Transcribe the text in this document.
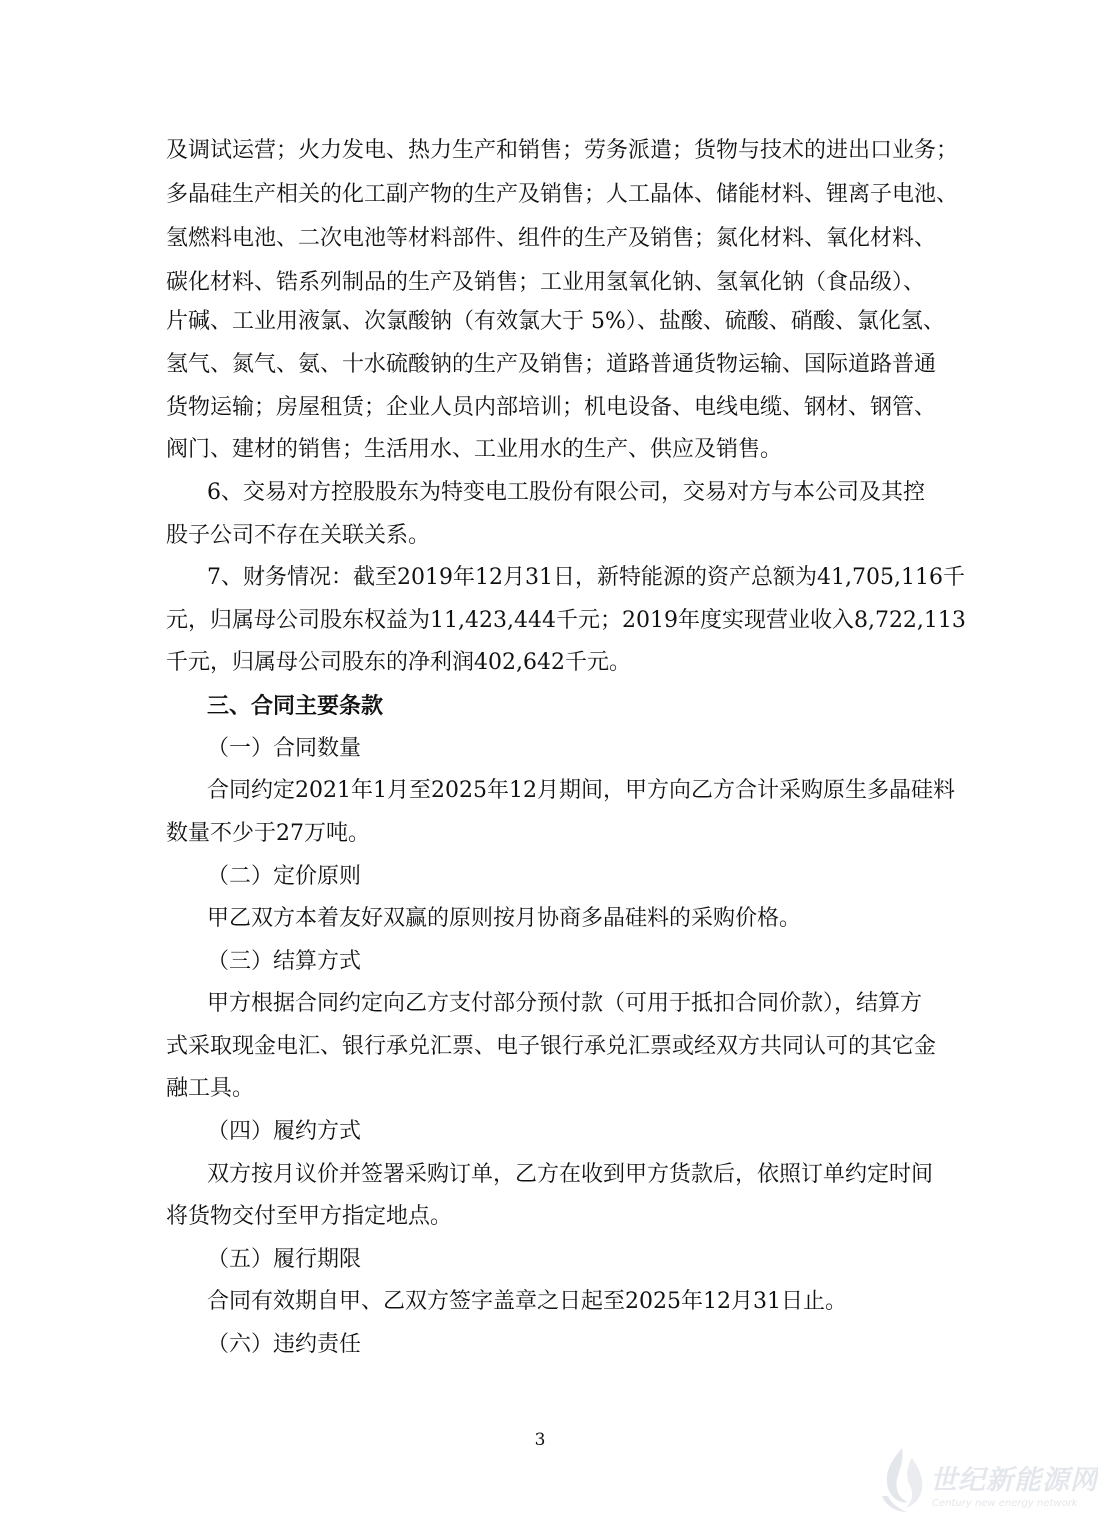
及调试运营；火力发电、热力生产和销售；劳务派遣；货物与技术的进出口业务；
多晶硅生产相关的化工副产物的生产及销售；人工晶体、储能材料、锂离子电池、
氢燃料电池、二次电池等材料部件、组件的生产及销售；氮化材料、氧化材料、
碳化材料、锆系列制品的生产及销售；工业用氢氧化钠、氢氧化钠（食品级）、
片碱、工业用液氯、次氯酸钠（有效氯大于 5%）、盐酸、硫酸、硝酸、氯化氢、
氢气、氮气、氨、十水硫酸钠的生产及销售；道路普通货物运输、国际道路普通
货物运输；房屋租赁；企业人员内部培训；机电设备、电线电缆、钢材、钢管、
阀门、建材的销售；生活用水、工业用水的生产、供应及销售。
6、交易对方控股股东为特变电工股份有限公司，交易对方与本公司及其控
股子公司不存在关联关系。
7、财务情况：截至2019年12月31日，新特能源的资产总额为41,705,116千
元，归属母公司股东权益为11,423,444千元；2019年度实现营业收入8,722,113
千元，归属母公司股东的净利润402,642千元。
三、合同主要条款
（一）合同数量
合同约定2021年1月至2025年12月期间，甲方向乙方合计采购原生多晶硅料
数量不少于27万吨。
（二）定价原则
甲乙双方本着友好双赢的原则按月协商多晶硅料的采购价格。
（三）结算方式
甲方根据合同约定向乙方支付部分预付款（可用于抵扣合同价款），结算方
式采取现金电汇、银行承兑汇票、电子银行承兑汇票或经双方共同认可的其它金
融工具。
（四）履约方式
双方按月议价并签署采购订单，乙方在收到甲方货款后，依照订单约定时间
将货物交付至甲方指定地点。
（五）履行期限
合同有效期自甲、乙双方签字盖章之日起至2025年12月31日止。
（六）违约责任
3
世纪新能源网
Century new energy network
